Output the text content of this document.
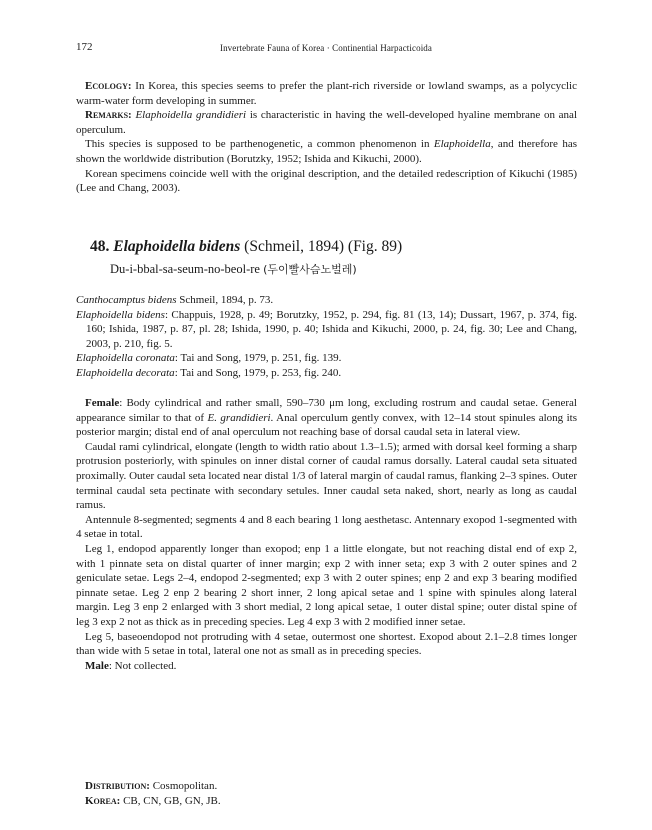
172	Invertebrate Fauna of Korea · Continential Harpacticoida

Ecology: In Korea, this species seems to prefer the plant-rich riverside or lowland swamps, as a polycyclic warm-water form developing in summer.

Remarks: Elaphoidella grandidieri is characteristic in having the well-developed hyaline membrane on anal operculum.

This species is supposed to be parthenogenetic, a common phenomenon in Elaphoidella, and therefore has shown the worldwide distribution (Borutzky, 1952; Ishida and Kikuchi, 2000).

Korean specimens coincide well with the original description, and the detailed redescription of Kikuchi (1985) (Lee and Chang, 2003).

48. Elaphoidella bidens (Schmeil, 1894) (Fig. 89)
Du-i-bbal-sa-seum-no-beol-re (두이빨사슴노벌레)

Canthocamptus bidens Schmeil, 1894, p. 73.

Elaphoidella bidens: Chappuis, 1928, p. 49; Borutzky, 1952, p. 294, fig. 81 (13, 14); Dussart, 1967, p. 374, fig. 160; Ishida, 1987, p. 87, pl. 28; Ishida, 1990, p. 40; Ishida and Kikuchi, 2000, p. 24, fig. 30; Lee and Chang, 2003, p. 210, fig. 5.

Elaphoidella coronata: Tai and Song, 1979, p. 251, fig. 139.

Elaphoidella decorata: Tai and Song, 1979, p. 253, fig. 240.

Female: Body cylindrical and rather small, 590–730 μm long, excluding rostrum and caudal setae. General appearance similar to that of E. grandidieri. Anal operculum gently convex, with 12–14 stout spinules along its posterior margin; distal end of anal operculum not reaching base of dorsal caudal seta in lateral view.

Caudal rami cylindrical, elongate (length to width ratio about 1.3–1.5); armed with dorsal keel forming a sharp protrusion posteriorly, with spinules on inner distal corner of caudal ramus dorsally. Lateral caudal seta situated proximally. Outer caudal seta located near distal 1/3 of lateral margin of caudal ramus, flanking 2–3 spines. Outer terminal caudal seta pectinate with secondary setules. Inner caudal seta naked, short, nearly as long as caudal ramus.

Antennule 8-segmented; segments 4 and 8 each bearing 1 long aesthetasc. Antennary exopod 1-segmented with 4 setae in total.

Leg 1, endopod apparently longer than exopod; enp 1 a little elongate, but not reaching distal end of exp 2, with 1 pinnate seta on distal quarter of inner margin; exp 2 with inner seta; exp 3 with 2 outer spines and 2 geniculate setae. Legs 2–4, endopod 2-segmented; exp 3 with 2 outer spines; enp 2 and exp 3 bearing modified pinnate setae. Leg 2 enp 2 bearing 2 short inner, 2 long apical setae and 1 spine with spinules along lateral margin. Leg 3 enp 2 enlarged with 3 short medial, 2 long apical setae, 1 outer distal spine; outer distal spine of leg 3 exp 2 not as thick as in preceding species. Leg 4 exp 3 with 2 modified inner setae.

Leg 5, baseoendopod not protruding with 4 setae, outermost one shortest. Exopod about 2.1–2.8 times longer than wide with 5 setae in total, lateral one not as small as in preceding species.

Male: Not collected.

Distribution: Cosmopolitan.

Korea: CB, CN, GB, GN, JB.
